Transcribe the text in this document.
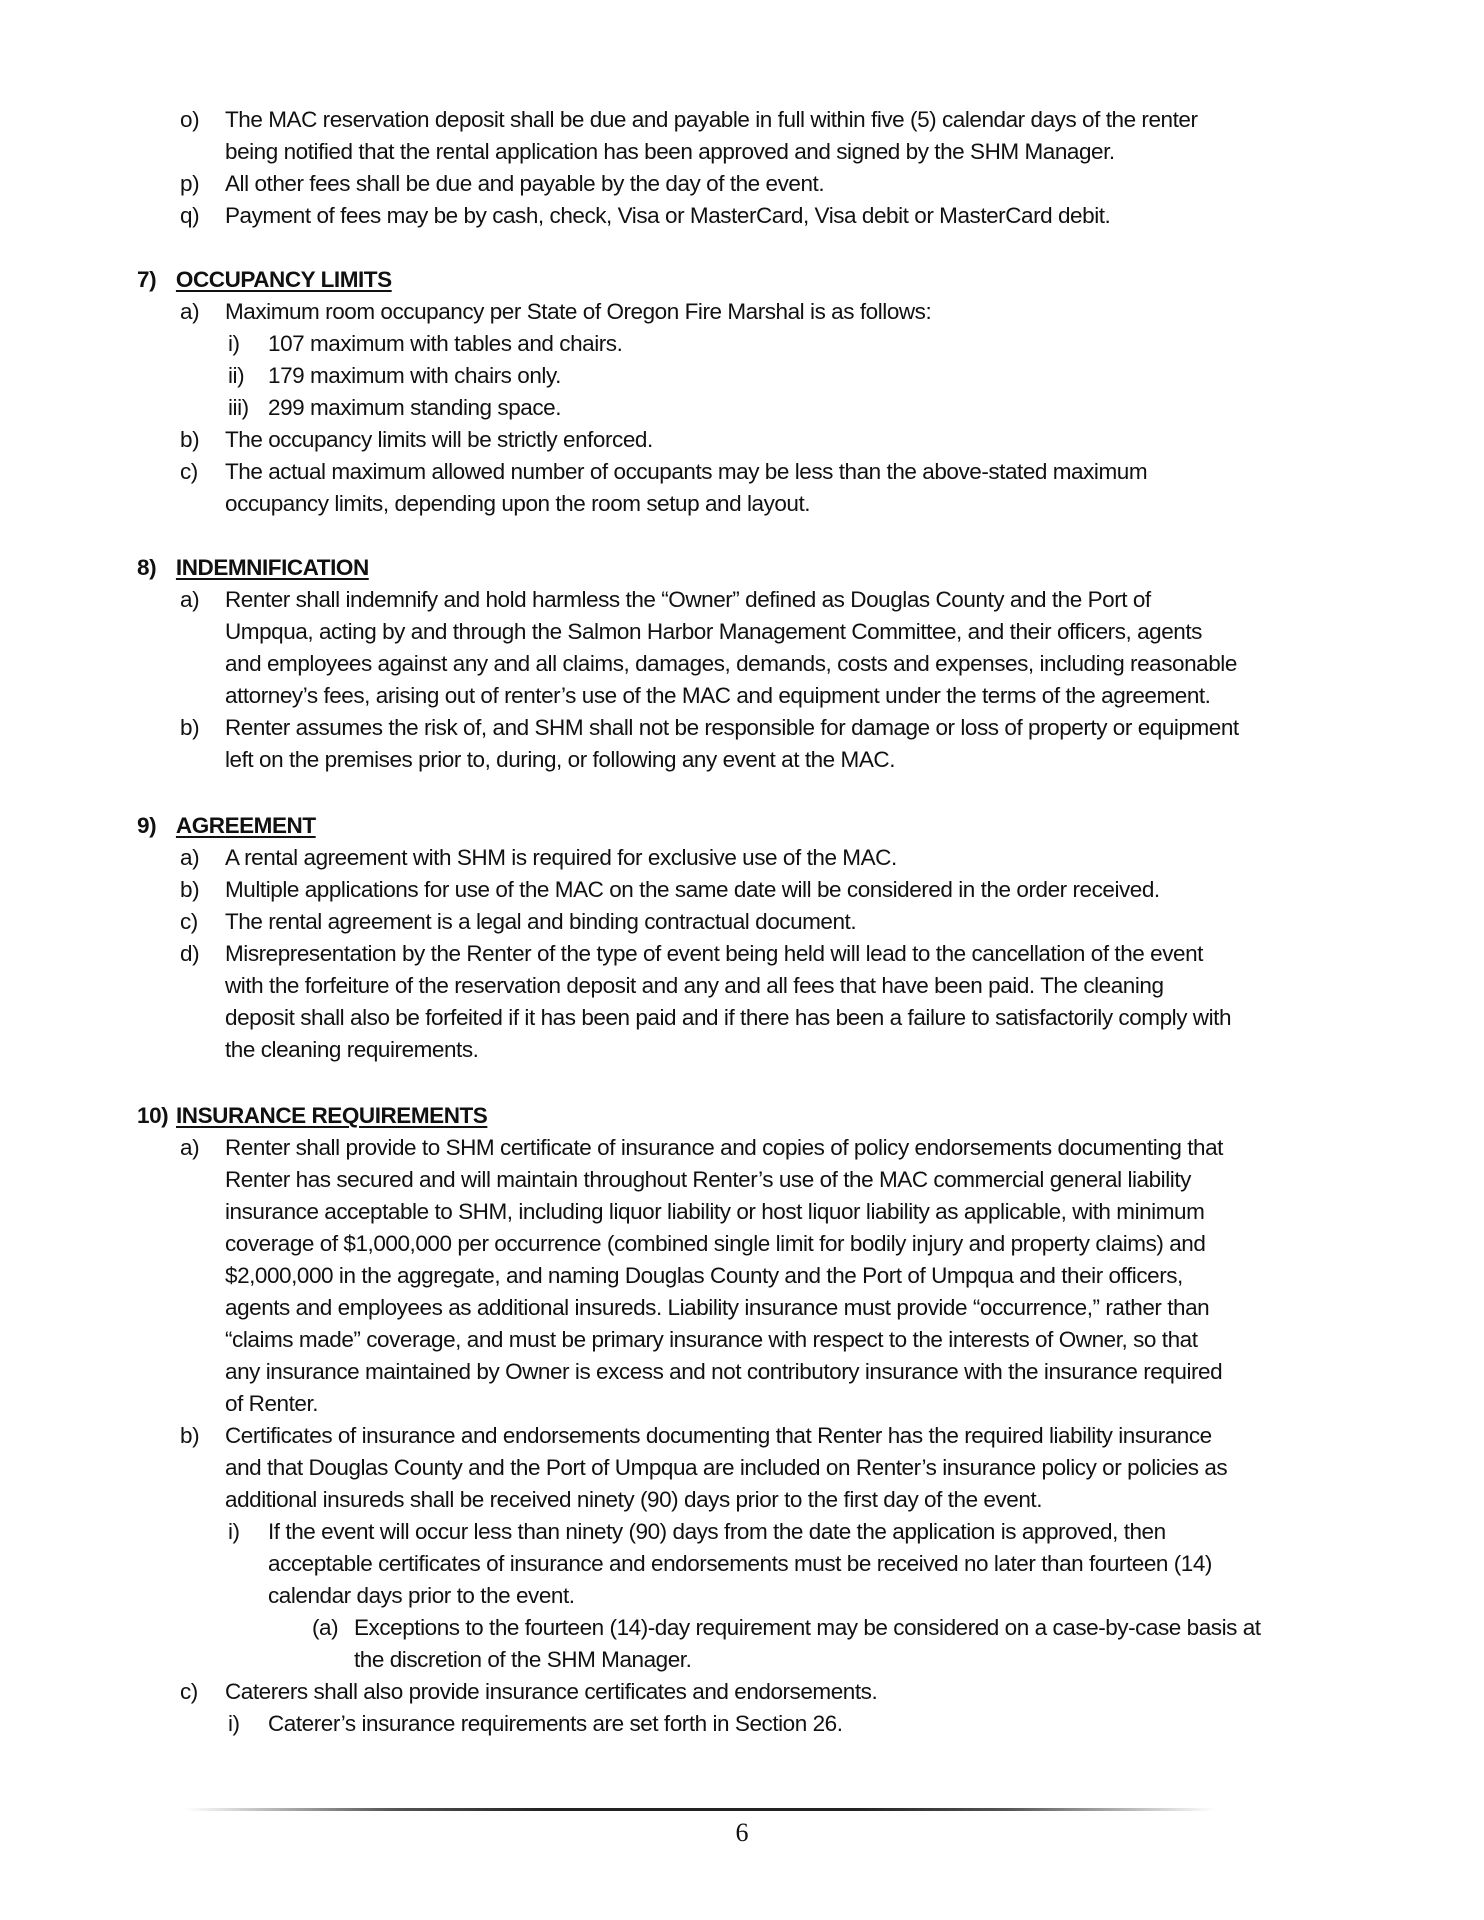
o) The MAC reservation deposit shall be due and payable in full within five (5) calendar days of the renter
being notified that the rental application has been approved and signed by the SHM Manager.
p) All other fees shall be due and payable by the day of the event.
q) Payment of fees may be by cash, check, Visa or MasterCard, Visa debit or MasterCard debit.
7) OCCUPANCY LIMITS
a) Maximum room occupancy per State of Oregon Fire Marshal is as follows:
i) 107 maximum with tables and chairs.
ii) 179 maximum with chairs only.
iii) 299 maximum standing space.
b) The occupancy limits will be strictly enforced.
c) The actual maximum allowed number of occupants may be less than the above-stated maximum
occupancy limits, depending upon the room setup and layout.
8) INDEMNIFICATION
a) Renter shall indemnify and hold harmless the “Owner” defined as Douglas County and the Port of
Umpqua, acting by and through the Salmon Harbor Management Committee, and their officers, agents
and employees against any and all claims, damages, demands, costs and expenses, including reasonable
attorney’s fees, arising out of renter’s use of the MAC and equipment under the terms of the agreement.
b) Renter assumes the risk of, and SHM shall not be responsible for damage or loss of property or equipment
left on the premises prior to, during, or following any event at the MAC.
9) AGREEMENT
a) A rental agreement with SHM is required for exclusive use of the MAC.
b) Multiple applications for use of the MAC on the same date will be considered in the order received.
c) The rental agreement is a legal and binding contractual document.
d) Misrepresentation by the Renter of the type of event being held will lead to the cancellation of the event
with the forfeiture of the reservation deposit and any and all fees that have been paid. The cleaning
deposit shall also be forfeited if it has been paid and if there has been a failure to satisfactorily comply with
the cleaning requirements.
10) INSURANCE REQUIREMENTS
a) Renter shall provide to SHM certificate of insurance and copies of policy endorsements documenting that
Renter has secured and will maintain throughout Renter’s use of the MAC commercial general liability
insurance acceptable to SHM, including liquor liability or host liquor liability as applicable, with minimum
coverage of $1,000,000 per occurrence (combined single limit for bodily injury and property claims) and
$2,000,000 in the aggregate, and naming Douglas County and the Port of Umpqua and their officers,
agents and employees as additional insureds. Liability insurance must provide “occurrence,” rather than
“claims made” coverage, and must be primary insurance with respect to the interests of Owner, so that
any insurance maintained by Owner is excess and not contributory insurance with the insurance required
of Renter.
b) Certificates of insurance and endorsements documenting that Renter has the required liability insurance
and that Douglas County and the Port of Umpqua are included on Renter’s insurance policy or policies as
additional insureds shall be received ninety (90) days prior to the first day of the event.
i) If the event will occur less than ninety (90) days from the date the application is approved, then
acceptable certificates of insurance and endorsements must be received no later than fourteen (14)
calendar days prior to the event.
(a) Exceptions to the fourteen (14)-day requirement may be considered on a case-by-case basis at
the discretion of the SHM Manager.
c) Caterers shall also provide insurance certificates and endorsements.
i) Caterer’s insurance requirements are set forth in Section 26.
6
